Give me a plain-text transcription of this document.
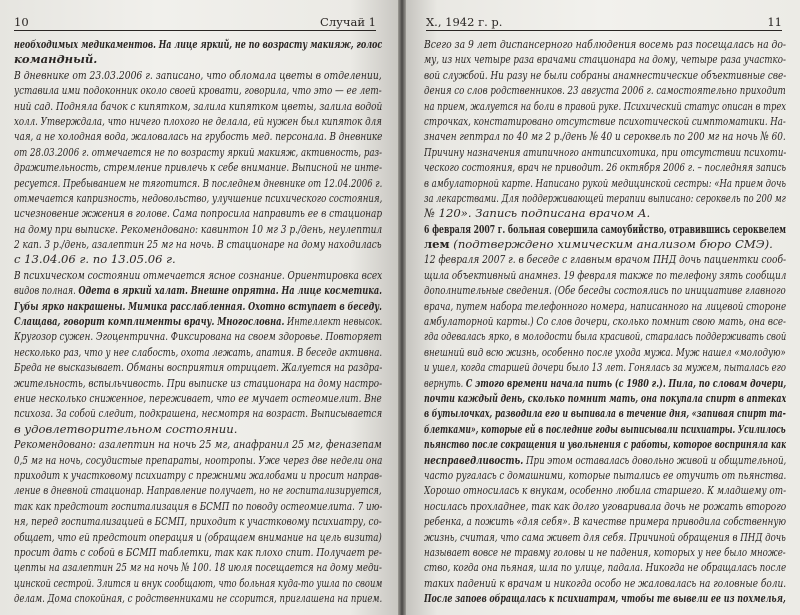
10	Случай 1
необходимых медикаментов. На лице яркий, не по возрасту макияж, голос
командный.
В дневнике от 23.03.2006 г. записано, что обломала цветы в отделении,
уставила ими подоконник около своей кровати, говорила, что это — ее лет-
ний сад. Подняла бачок с кипятком, залила кипятком цветы, залила водой
холл. Утверждала, что ничего плохого не делала, ей нужен был кипяток для
чая, а не холодная вода, жаловалась на грубость мед. персонала. В дневнике
от 28.03.2006 г. отмечается не по возрасту яркий макияж, активность, раз-
дражительность, стремление привлечь к себе внимание. Выписной не инте-
ресуется. Пребыванием не тяготится. В последнем дневнике от 12.04.2006 г.
отмечается капризность, недовольство, улучшение психического состояния,
исчезновение жжения в голове. Сама попросила направить ее в стационар
на дому при выписке. Рекомендовано: кавинтон 10 мг 3 р./день, неулептил
2 кап. 3 р./день, азалептин 25 мг на ночь. В стационаре на дому находилась
с 13.04.06 г. по 13.05.06 г.
В психическом состоянии отмечается ясное сознание. Ориентировка всех
видов полная. Одета в яркий халат. Внешне опрятна. На лице косметика.
Губы ярко накрашены. Мимика расслабленная. Охотно вступает в беседу.
Слащава, говорит комплименты врачу. Многословна. Интеллект невысок.
Кругозор сужен. Эгоцентрична. Фиксирована на своем здоровье. Повторяет
несколько раз, что у нее слабость, охота лежать, апатия. В беседе активна.
Бреда не высказывает. Обманы восприятия отрицает. Жалуется на раздра-
жительность, вспыльчивость. При выписке из стационара на дому настро-
ение несколько сниженное, переживает, что ее мучает остеомиелит. Вне
психоза. За собой следит, подкрашена, несмотря на возраст. Выписывается
в удовлетворительном состоянии.
Рекомендовано: азалептин на ночь 25 мг, анафранил 25 мг, феназепам
0,5 мг на ночь, сосудистые препараты, ноотропы. Уже через две недели она
приходит к участковому психиатру с прежними жалобами и просит направ-
ление в дневной стационар. Направление получает, но не госпитализируется,
так как предстоит госпитализация в БСМП по поводу остеомиелита. 7 ию-
ня, перед госпитализацией в БСМП, приходит к участковому психиатру, со-
общает, что ей предстоит операция и (обращаем внимание на цель визита)
просит дать с собой в БСМП таблетки, так как плохо спит. Получает ре-
цепты на азалептин 25 мг на ночь № 100. 18 июля посещается на дому меди-
цинской сестрой. Злится и внук сообщают, что больная куда-то ушла по своим
делам. Дома спокойная, с родственниками не ссорится, приглашена на прием.
Х., 1942 г. р.	11
Всего за 9 лет диспансерного наблюдения восемь раз посещалась на до-
му, из них четыре раза врачами стационара на дому, четыре раза участко-
вой службой. Ни разу не были собраны анамнестические объективные све-
дения со слов родственников. 23 августа 2006 г. самостоятельно приходит
на прием, жалуется на боли в правой руке. Психический статус описан в трех
строчках, констатировано отсутствие психотической симптоматики. На-
значен гептрал по 40 мг 2 р./день № 40 и сероквель по 200 мг на ночь № 60.
Причину назначения атипичного антипсихотика, при отсутствии психоти-
ческого состояния, врач не приводит. 26 октября 2006 г. – последняя запись
в амбулаторной карте. Написано рукой медицинской сестры: «На прием дочь
за лекарствами. Для поддерживающей терапии выписано: сероквель по 200 мг
№ 120». Запись подписана врачом А.
6 февраля 2007 г. больная совершила самоубийство, отравившись сероквелем
лем (подтверждено химическим анализом бюро СМЭ).
12 февраля 2007 г. в беседе с главным врачом ПНД дочь пациентки сооб-
щила объективный анамнез. 19 февраля также по телефону зять сообщил
дополнительные сведения. (Обе беседы состоялись по инициативе главного
врача, путем набора телефонного номера, написанного на лицевой стороне
амбулаторной карты.) Со слов дочери, сколько помнит свою мать, она все-
гда одевалась ярко, в молодости была красивой, старалась поддерживать свой
внешний вид всю жизнь, особенно после ухода мужа. Муж нашел «молодую»
и ушел, когда старшей дочери было 13 лет. Гонялась за мужем, пыталась его
вернуть. С этого времени начала пить (с 1980 г.). Пила, по словам дочери,
почти каждый день, сколько помнит мать, она покупала спирт в аптеках
в бутылочках, разводила его и выпивала в течение дня, «запивая спирт та-
блетками», которые ей в последние годы выписывали психиатры. Усилилось
пьянство после сокращения и увольнения с работы, которое восприняла как
несправедливость. При этом оставалась довольно живой и общительной,
часто ругалась с домашними, которые пытались ее отучить от пьянства.
Хорошо относилась к внукам, особенно любила старшего. К младшему от-
носилась прохладнее, так как долго уговаривала дочь не рожать второго
ребенка, а пожить «для себя». В качестве примера приводила собственную
жизнь, считая, что сама живет для себя. Причиной обращения в ПНД дочь
называет вовсе не травму головы и не падения, которых у нее было множе-
ство, когда она пьяная, шла по улице, падала. Никогда не обращалась после
таких падений к врачам и никогда особо не жаловалась на головные боли.
После запоев обращалась к психиатрам, чтобы те вывели ее из похмелья,
